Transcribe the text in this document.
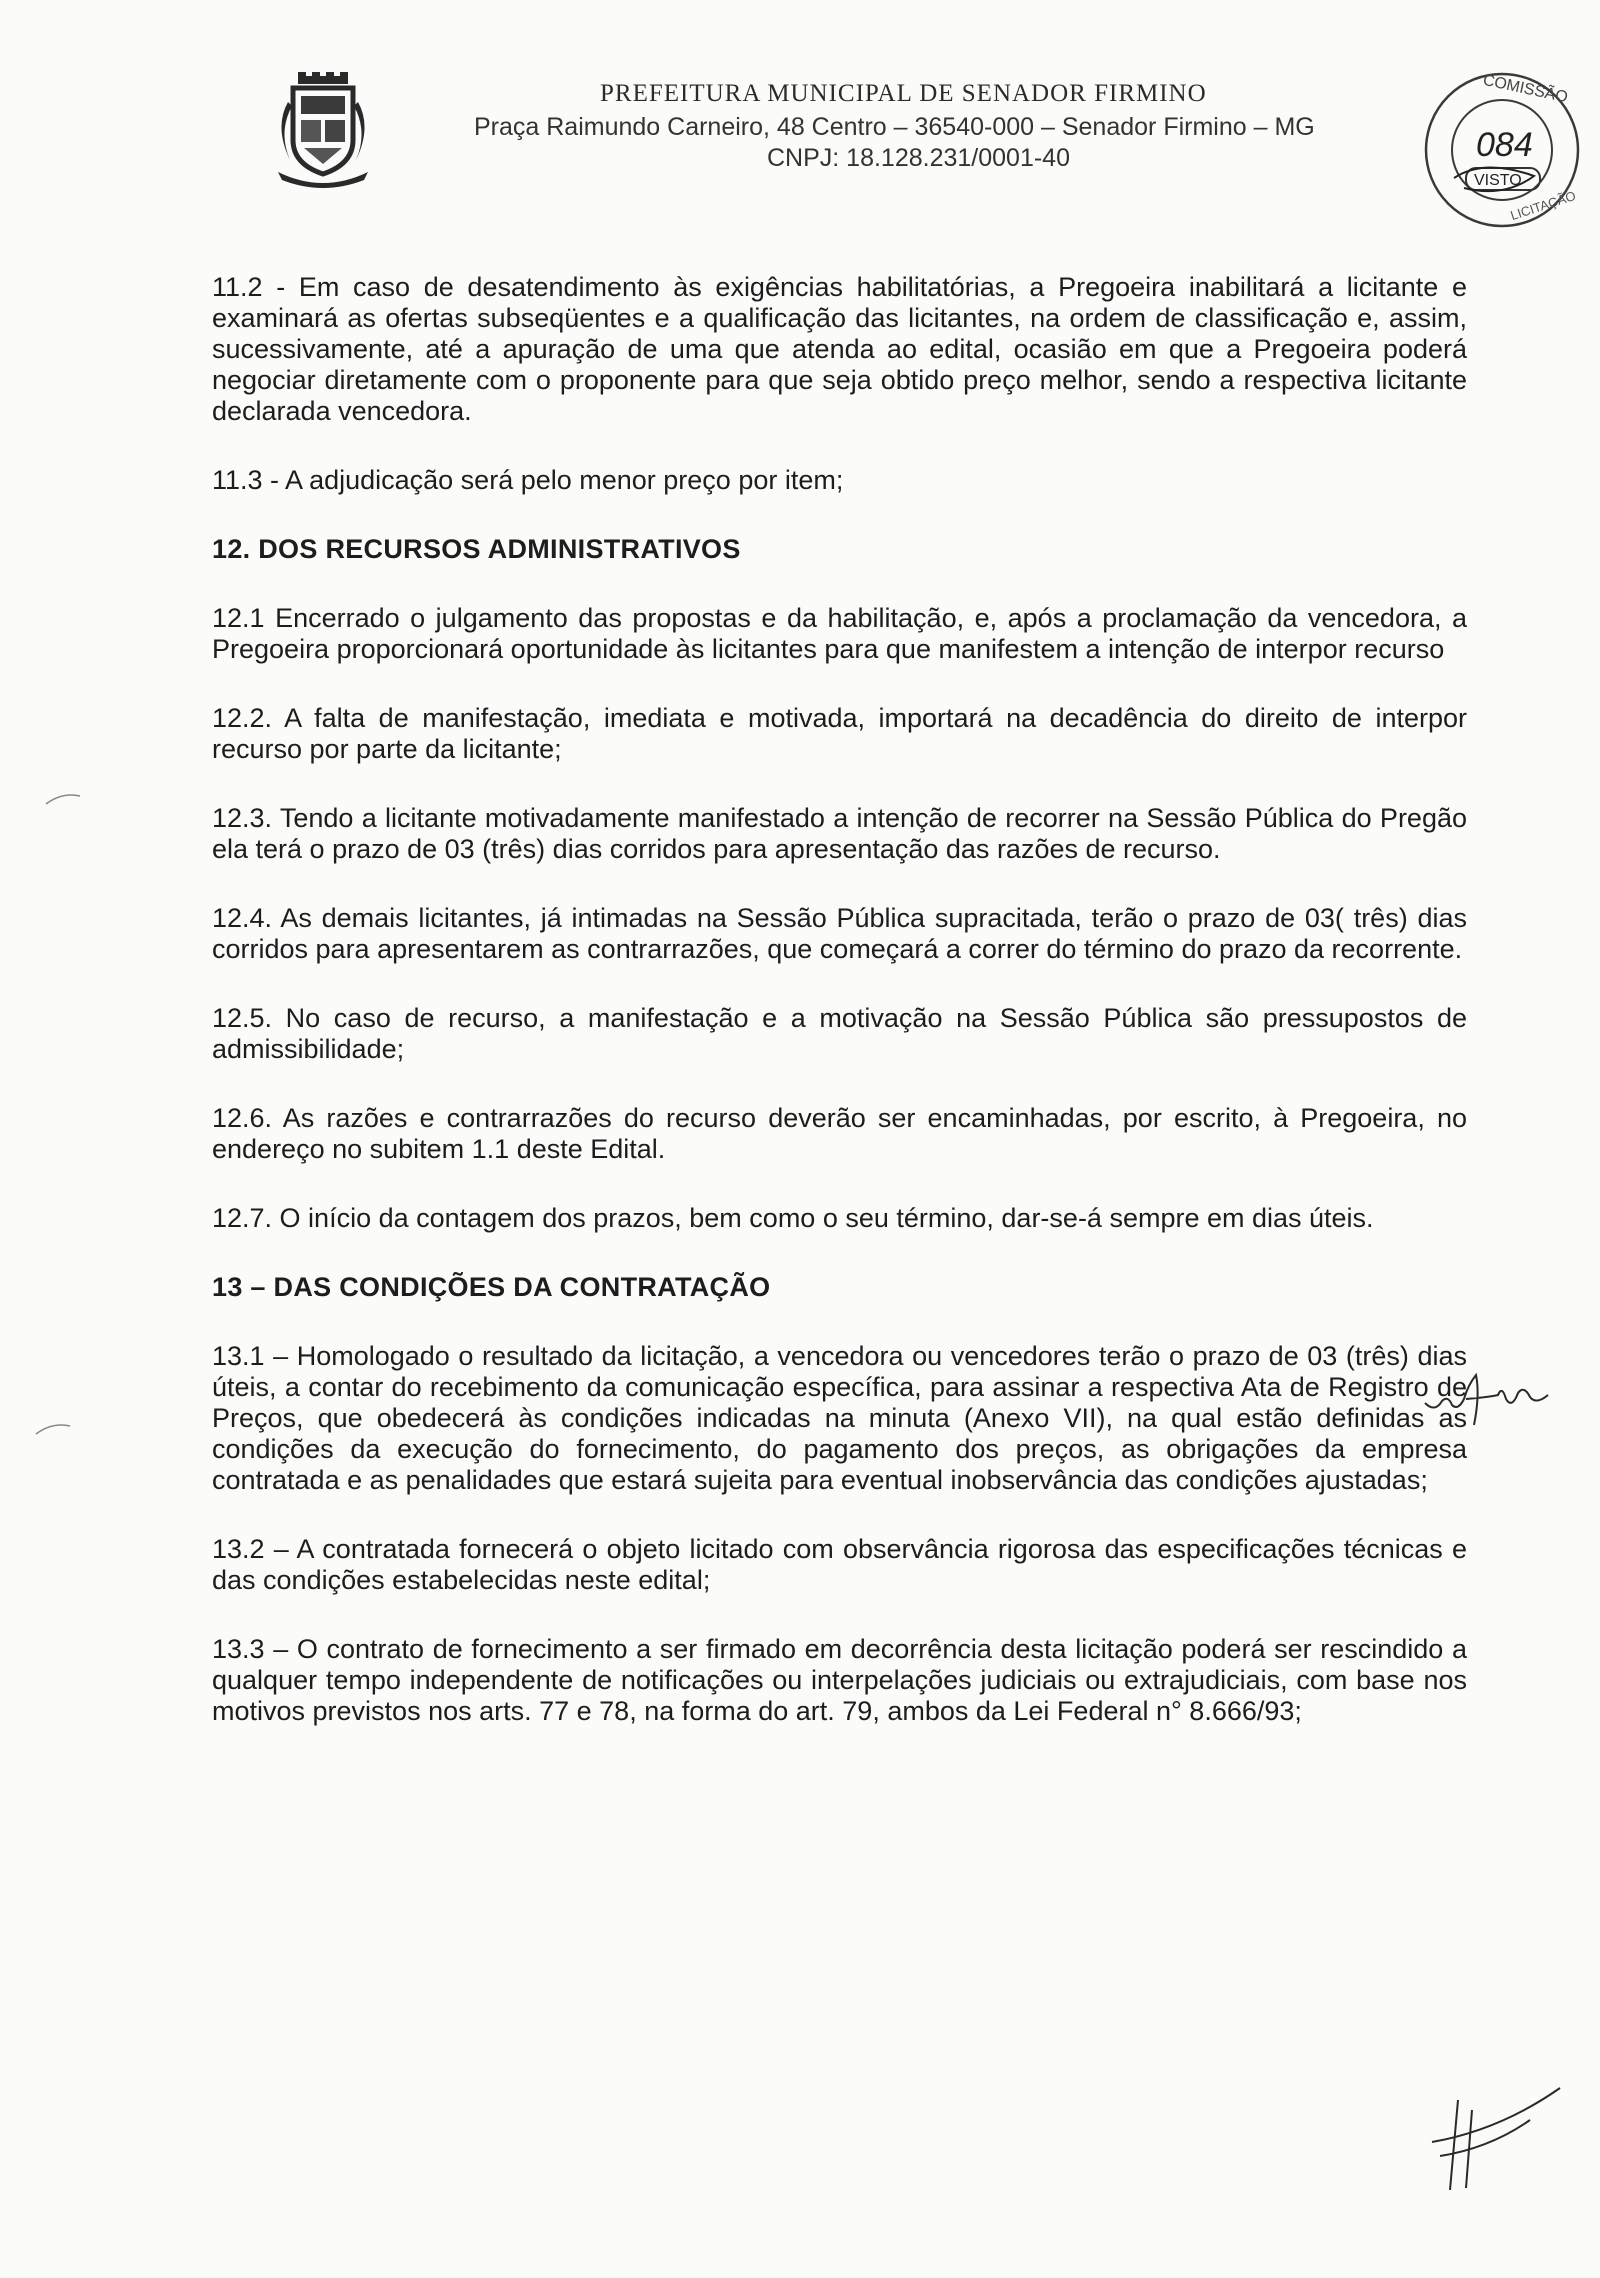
PREFEITURA MUNICIPAL DE SENADOR FIRMINO
Praça Raimundo Carneiro, 48 Centro – 36540-000 – Senador Firmino – MG
CNPJ: 18.128.231/0001-40
COMISSÃO
084
VISTO
LICITAÇÃO

11.2 - Em caso de desatendimento às exigências habilitatórias, a Pregoeira inabilitará a licitante e examinará as ofertas subseqüentes e a qualificação das licitantes, na ordem de classificação e, assim, sucessivamente, até a apuração de uma que atenda ao edital, ocasião em que a Pregoeira poderá negociar diretamente com o proponente para que seja obtido preço melhor, sendo a respectiva licitante declarada vencedora.

11.3 - A adjudicação será pelo menor preço por item;

12. DOS RECURSOS ADMINISTRATIVOS

12.1 Encerrado o julgamento das propostas e da habilitação, e, após a proclamação da vencedora, a Pregoeira proporcionará oportunidade às licitantes para que manifestem a intenção de interpor recurso

12.2. A falta de manifestação, imediata e motivada, importará na decadência do direito de interpor recurso por parte da licitante;

12.3. Tendo a licitante motivadamente manifestado a intenção de recorrer na Sessão Pública do Pregão ela terá o prazo de 03 (três) dias corridos para apresentação das razões de recurso.

12.4. As demais licitantes, já intimadas na Sessão Pública supracitada, terão o prazo de 03( três) dias corridos para apresentarem as contrarrazões, que começará a correr do término do prazo da recorrente.

12.5. No caso de recurso, a manifestação e a motivação na Sessão Pública são pressupostos de admissibilidade;

12.6. As razões e contrarrazões do recurso deverão ser encaminhadas, por escrito, à Pregoeira, no endereço no subitem 1.1 deste Edital.

12.7. O início da contagem dos prazos, bem como o seu término, dar-se-á sempre em dias úteis.

13 – DAS CONDIÇÕES DA CONTRATAÇÃO

13.1 – Homologado o resultado da licitação, a vencedora ou vencedores terão o prazo de 03 (três) dias úteis, a contar do recebimento da comunicação específica, para assinar a respectiva Ata de Registro de Preços, que obedecerá às condições indicadas na minuta (Anexo VII), na qual estão definidas as condições da execução do fornecimento, do pagamento dos preços, as obrigações da empresa contratada e as penalidades que estará sujeita para eventual inobservância das condições ajustadas;

13.2 – A contratada fornecerá o objeto licitado com observância rigorosa das especificações técnicas e das condições estabelecidas neste edital;

13.3 – O contrato de fornecimento a ser firmado em decorrência desta licitação poderá ser rescindido a qualquer tempo independente de notificações ou interpelações judiciais ou extrajudiciais, com base nos motivos previstos nos arts. 77 e 78, na forma do art. 79, ambos da Lei Federal n° 8.666/93;
